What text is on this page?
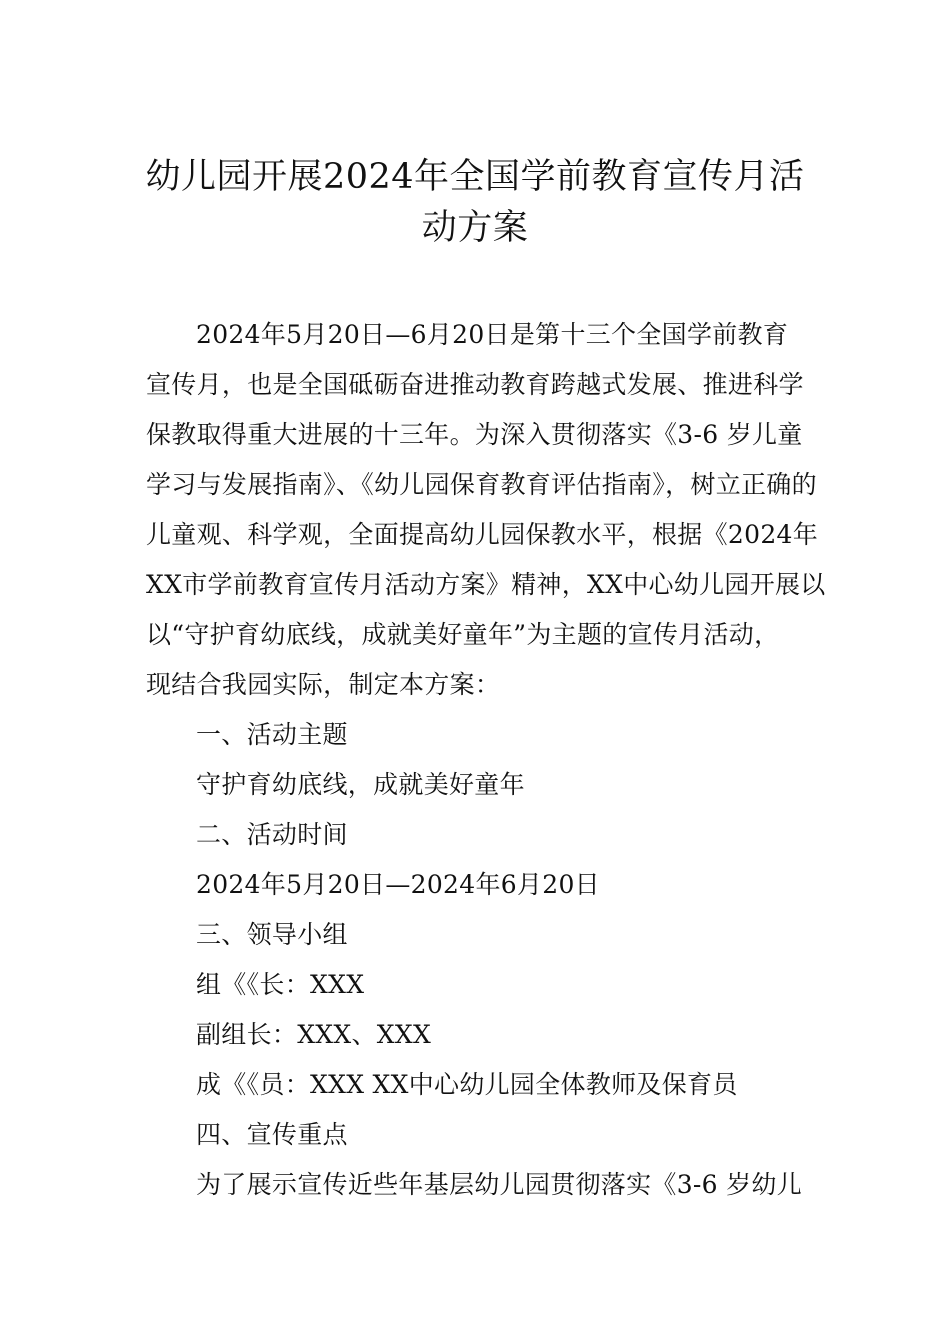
幼儿园开展2024年全国学前教育宣传月活
动方案
2024年5月20日—6月20日是第十三个全国学前教育
宣传月，也是全国砥砺奋进推动教育跨越式发展、推进科学
保教取得重大进展的十三年。为深入贯彻落实《3-6 岁儿童
学习与发展指南》、《幼儿园保育教育评估指南》，树立正确的
儿童观、科学观，全面提高幼儿园保教水平，根据《2024年
XX市学前教育宣传月活动方案》精神，XX中心幼儿园开展以
以“守护育幼底线，成就美好童年”为主题的宣传月活动，
现结合我园实际，制定本方案：
一、活动主题
守护育幼底线，成就美好童年
二、活动时间
2024年5月20日—2024年6月20日
三、领导小组
组《《长：XXX
副组长：XXX、XXX
成《《员：XXX XX中心幼儿园全体教师及保育员
四、宣传重点
为了展示宣传近些年基层幼儿园贯彻落实《3-6 岁幼儿
